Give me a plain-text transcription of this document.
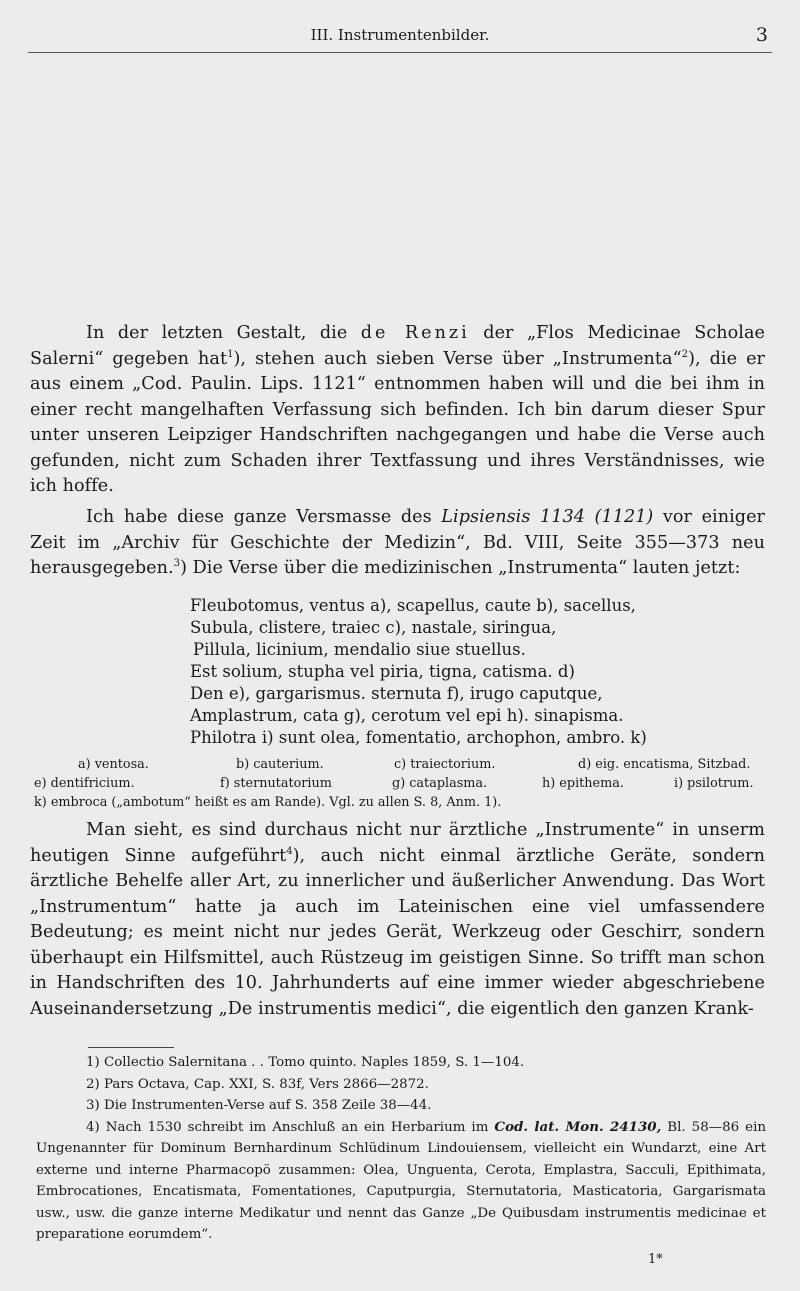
III. Instrumentenbilder.	3

In der letzten Gestalt, die de Renzi der „Flos Medicinae Scholae Salerni“ gegeben hat$^1$), stehen auch sieben Verse über „Instrumenta“$^2$), die er aus einem „Cod. Paulin. Lips. 1121“ entnommen haben will und die bei ihm in einer recht mangelhaften Verfassung sich befinden. Ich bin darum dieser Spur unter unseren Leipziger Handschriften nachgegangen und habe die Verse auch gefunden, nicht zum Schaden ihrer Textfassung und ihres Verständnisses, wie ich hoffe.

Ich habe diese ganze Versmasse des Lipsiensis 1134 (1121) vor einiger Zeit im „Archiv für Geschichte der Medizin“, Bd. VIII, Seite 355—373 neu herausgegeben.$^3$) Die Verse über die medizinischen „Instrumenta“ lauten jetzt:

Fleubotomus, ventus a), scapellus, caute b), sacellus,
Subula, clistere, traiec c), nastale, siringua,
Pillula, licinium, mendalio siue stuellus.
Est solium, stupha vel piria, tigna, catisma. d)
Den e), gargarismus. sternuta f), irugo caputque,
Amplastrum, cata g), cerotum vel epi h). sinapisma.
Philotra i) sunt olea, fomentatio, archophon, ambro. k)
a) ventosa.	b) cauterium.	c) traiectorium.	d) eig. encatisma, Sitzbad.
e) dentifricium.	f) sternutatorium	g) cataplasma.	h) epithema.	i) psilotrum.
k) embroca („ambotum“ heißt es am Rande). Vgl. zu allen S. 8, Anm. 1).

Man sieht, es sind durchaus nicht nur ärztliche „Instrumente“ in unserm heutigen Sinne aufgeführt$^4$), auch nicht einmal ärztliche Geräte, sondern ärztliche Behelfe aller Art, zu innerlicher und äußerlicher Anwendung. Das Wort „Instrumentum“ hatte ja auch im Lateinischen eine viel umfassendere Bedeutung; es meint nicht nur jedes Gerät, Werkzeug oder Geschirr, sondern überhaupt ein Hilfsmittel, auch Rüstzeug im geistigen Sinne. So trifft man schon in Handschriften des 10. Jahrhunderts auf eine immer wieder abgeschriebene Auseinandersetzung „De instrumentis medici“, die eigentlich den ganzen Krank-

1) Collectio Salernitana . . Tomo quinto. Naples 1859, S. 1—104.

2) Pars Octava, Cap. XXI, S. 83f, Vers 2866—2872.

3) Die Instrumenten-Verse auf S. 358 Zeile 38—44.

4) Nach 1530 schreibt im Anschluß an ein Herbarium im Cod. lat. Mon. 24130, Bl. 58—86 ein Ungenannter für Dominum Bernhardinum Schlüdinum Lindouiensem, vielleicht ein Wundarzt, eine Art externe und interne Pharmacopö zusammen: Olea, Unguenta, Cerota, Emplastra, Sacculi, Epithimata, Embrocationes, Encatismata, Fomentationes, Caputpurgia, Sternutatoria, Masticatoria, Gargarismata usw., usw. die ganze interne Medikatur und nennt das Ganze „De Quibusdam instrumentis medicinae et preparatione eorumdem“.

1*
